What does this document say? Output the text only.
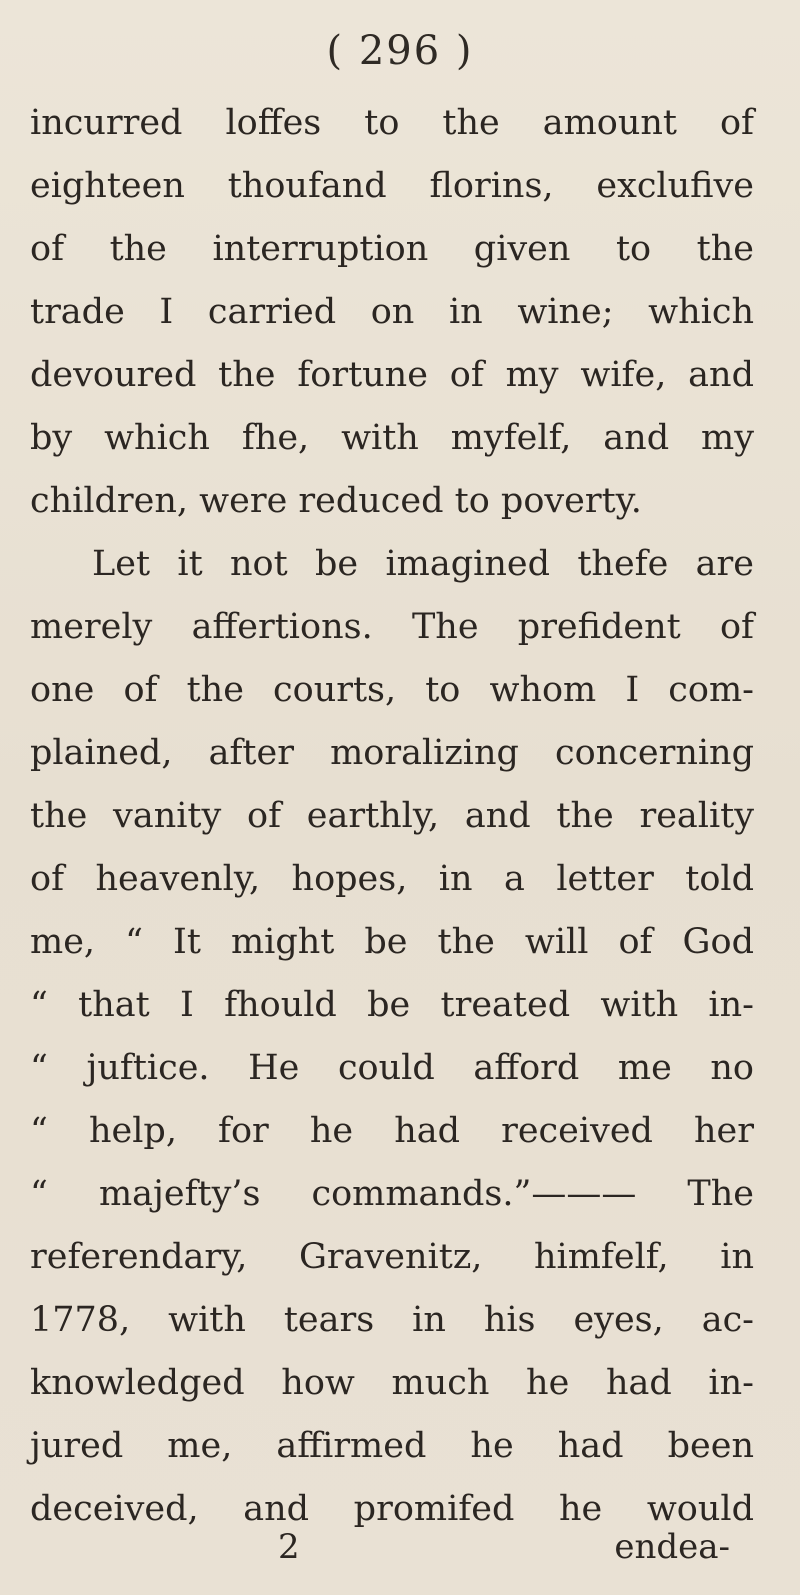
( 296 )
incurred loffes to the amount of
eighteen thoufand florins, exclufive
of the interruption given to the
trade I carried on in wine; which
devoured the fortune of my wife, and
by which fhe, with myfelf, and my
children, were reduced to poverty.
Let it not be imagined thefe are
merely affertions. The prefident of
one of the courts, to whom I com-
plained, after moralizing concerning
the vanity of earthly, and the reality
of heavenly, hopes, in a letter told
me, “ It might be the will of God
“ that I fhould be treated with in-
“ juftice. He could afford me no
“ help, for he had received her
“ majefty’s commands.”——— The
referendary, Gravenitz, himfelf, in
1778, with tears in his eyes, ac-
knowledged how much he had in-
jured me, affirmed he had been
deceived, and promifed he would
2	endea-
